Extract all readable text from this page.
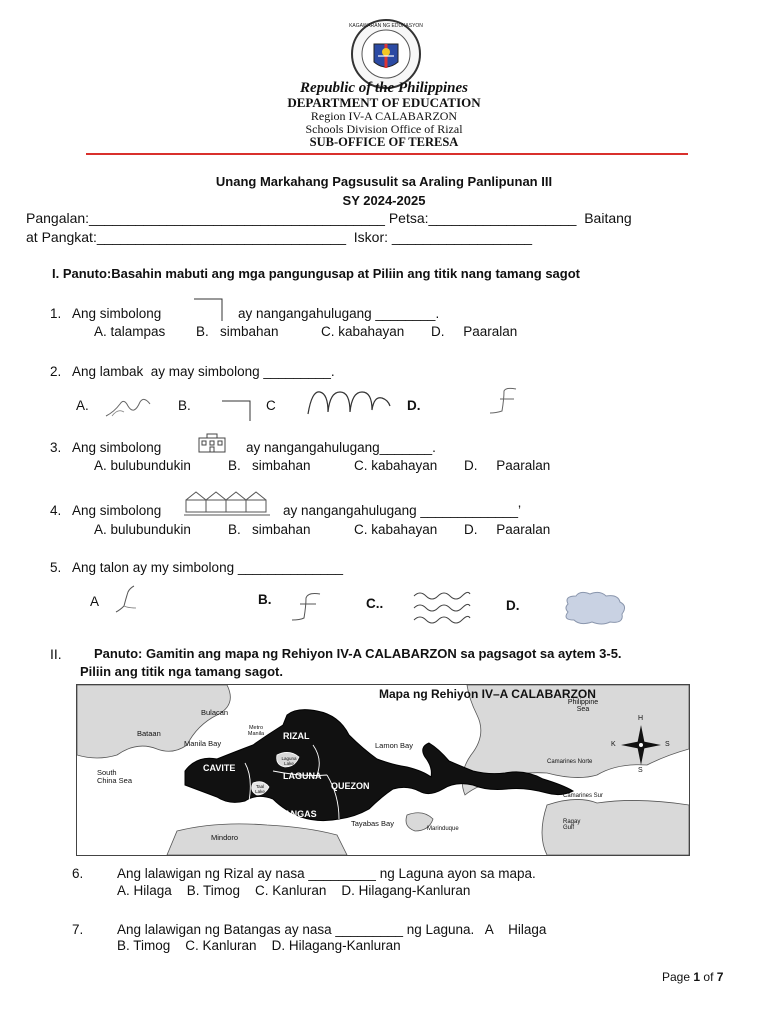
KAGAWARAN NG EDUKASYON
Republic of the Philippines
DEPARTMENT OF EDUCATION
Region IV-A CALABARZON
Schools Division Office of Rizal
SUB-OFFICE OF TERESA
Unang Markahang Pagsusulit sa Araling Panlipunan III
SY 2024-2025
Pangalan:______________________________________ Petsa:___________________  Baitang
at Pangkat:________________________________  Iskor: __________________
I. Panuto:Basahin mabuti ang mga pangungusap at Piliin ang titik nang tamang sagot
1. Ang simbolong	ay nangangahulugang ________.
A. talampas B.   simbahan	C. kabahayan D.     Paaralan
2. Ang lambak  ay may simbolong _________.
A.	B.	C	D.
3. Ang simbolong	ay nangangahulugang_______.
A. bulubundukin	B.   simbahan	C. kabahayan D.     Paaralan
4. Ang simbolong	ay nangangahulugang _____________’
A. bulubundukin	B.   simbahan	C. kabahayan D.     Paaralan
5. Ang talon ay my simbolong ______________
A	B.	C..	D.
II. Panuto: Gamitin ang mapa ng Rehiyon IV-A CALABARZON sa pagsagot sa aytem 3-5.
Piliin ang titik nga tamang sagot.
Mapa ng Rehiyon IV–A CALABARZON
Bulacan
Bataan
Manila Bay
Metro Manila	RIZAL
CAVITE
Laguna Lake
LAGUNA
Taal Lake
QUEZON
BATANGAS
South China Sea
Lamon Bay
Tayabas Bay
Mindoro
Marinduque
Camarines Norte
Camarines Sur
Philippine Sea
Ragay Gulf
H
S
S
K
6. Ang lalawigan ng Rizal ay nasa _________ ng Laguna ayon sa mapa.
A. Hilaga    B. Timog    C. Kanluran    D. Hilagang-Kanluran
7. Ang lalawigan ng Batangas ay nasa _________ ng Laguna.   A    Hilaga
B. Timog    C. Kanluran    D. Hilagang-Kanluran
Page 1 of 7
